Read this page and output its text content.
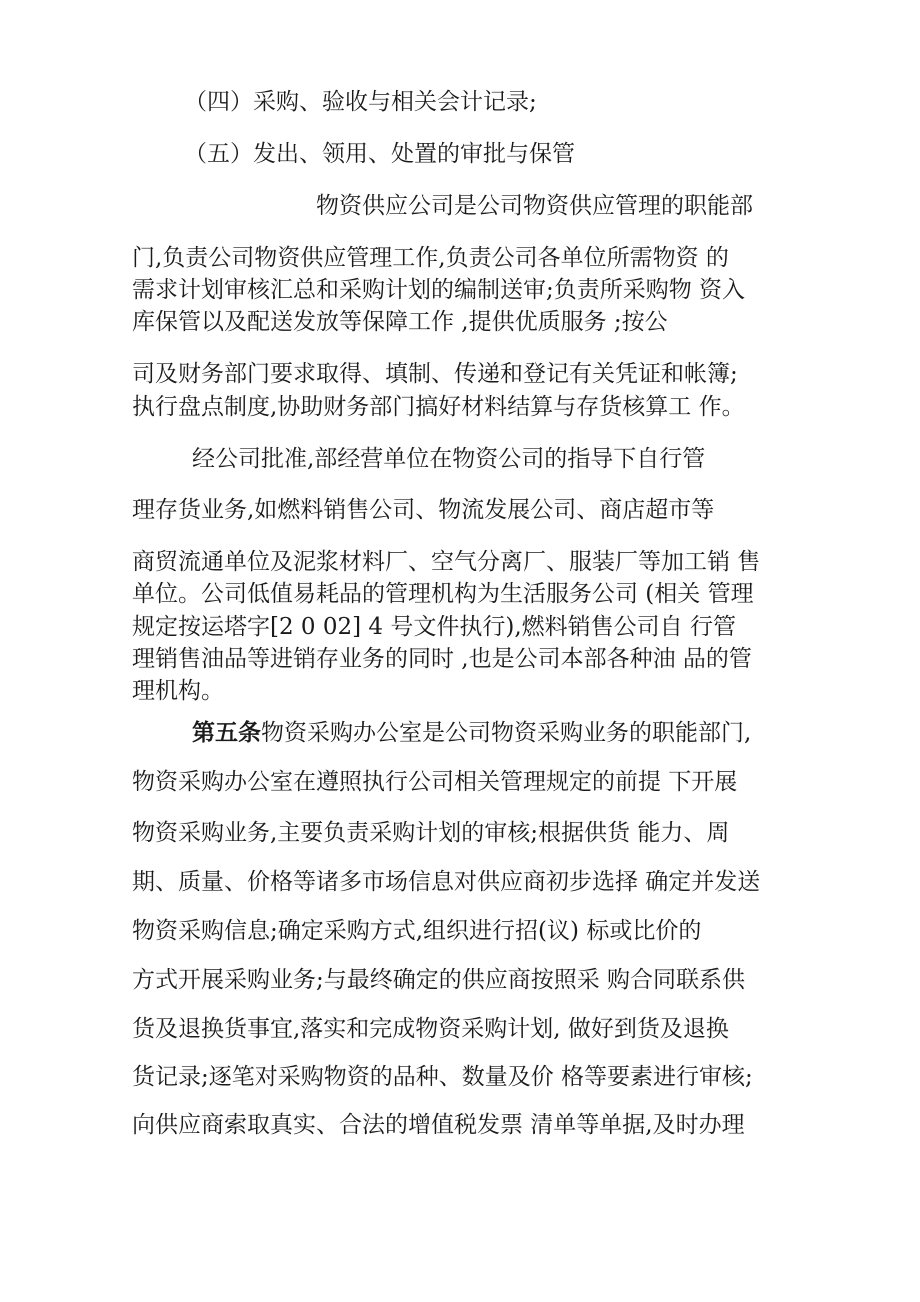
（四）采购、验收与相关会计记录;

（五）发出、领用、处置的审批与保管

物资供应公司是公司物资供应管理的职能部

门,负责公司物资供应管理工作,负责公司各单位所需物资 的

需求计划审核汇总和采购计划的编制送审;负责所采购物 资入

库保管以及配送发放等保障工作 ,提供优质服务 ;按公

司及财务部门要求取得、填制、传递和登记有关凭证和帐簿;

执行盘点制度,协助财务部门搞好材料结算与存货核算工 作。

经公司批准,部经营单位在物资公司的指导下自行管

理存货业务,如燃料销售公司、物流发展公司、商店超市等

商贸流通单位及泥浆材料厂、空气分离厂、服装厂等加工销 售

单位。公司低值易耗品的管理机构为生活服务公司 (相关 管理

规定按运塔字[2 0 02] 4 号文件执行),燃料销售公司自 行管

理销售油品等进销存业务的同时 ,也是公司本部各种油 品的管

理机构。

第五条物资采购办公室是公司物资采购业务的职能部门,

物资采购办公室在遵照执行公司相关管理规定的前提 下开展

物资采购业务,主要负责采购计划的审核;根据供货 能力、周

期、质量、价格等诸多市场信息对供应商初步选择 确定并发送

物资采购信息;确定采购方式,组织进行招(议) 标或比价的

方式开展采购业务;与最终确定的供应商按照采 购合同联系供

货及退换货事宜,落实和完成物资采购计划, 做好到货及退换

货记录;逐笔对采购物资的品种、数量及价 格等要素进行审核;

向供应商索取真实、合法的增值税发票 清单等单据,及时办理
